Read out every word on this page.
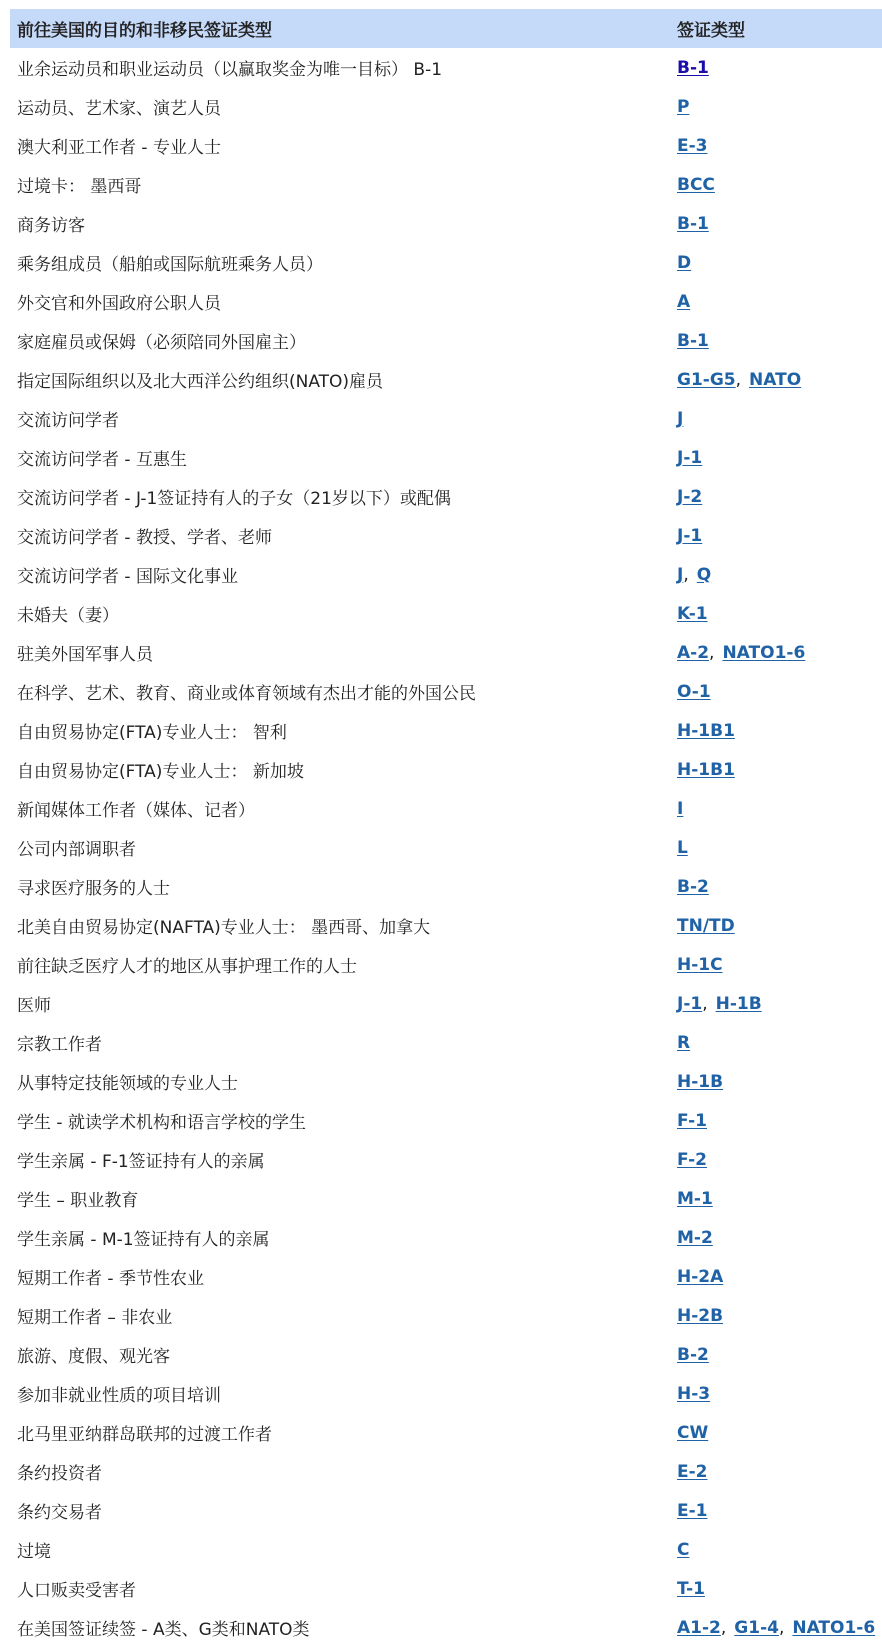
前往美国的目的和非移民签证类型	签证类型
业余运动员和职业运动员（以赢取奖金为唯一目标） B-1	B-1
运动员、艺术家、演艺人员	P
澳大利亚工作者 - 专业人士	E-3
过境卡： 墨西哥	BCC
商务访客	B-1
乘务组成员（船舶或国际航班乘务人员）	D
外交官和外国政府公职人员	A
家庭雇员或保姆（必须陪同外国雇主）	B-1
指定国际组织以及北大西洋公约组织(NATO)雇员	G1-G5, NATO
交流访问学者	J
交流访问学者 - 互惠生	J-1
交流访问学者 - J-1签证持有人的子女（21岁以下）或配偶	J-2
交流访问学者 - 教授、学者、老师	J-1
交流访问学者 - 国际文化事业	J, Q
未婚夫（妻）	K-1
驻美外国军事人员	A-2, NATO1-6
在科学、艺术、教育、商业或体育领域有杰出才能的外国公民	O-1
自由贸易协定(FTA)专业人士： 智利	H-1B1
自由贸易协定(FTA)专业人士： 新加坡	H-1B1
新闻媒体工作者（媒体、记者）	I
公司内部调职者	L
寻求医疗服务的人士	B-2
北美自由贸易协定(NAFTA)专业人士： 墨西哥、加拿大	TN/TD
前往缺乏医疗人才的地区从事护理工作的人士	H-1C
医师	J-1, H-1B
宗教工作者	R
从事特定技能领域的专业人士	H-1B
学生 - 就读学术机构和语言学校的学生	F-1
学生亲属 - F-1签证持有人的亲属	F-2
学生 – 职业教育	M-1
学生亲属 - M-1签证持有人的亲属	M-2
短期工作者 - 季节性农业	H-2A
短期工作者 – 非农业	H-2B
旅游、度假、观光客	B-2
参加非就业性质的项目培训	H-3
北马里亚纳群岛联邦的过渡工作者	CW
条约投资者	E-2
条约交易者	E-1
过境	C
人口贩卖受害者	T-1
在美国签证续签 - A类、G类和NATO类	A1-2, G1-4, NATO1-6
